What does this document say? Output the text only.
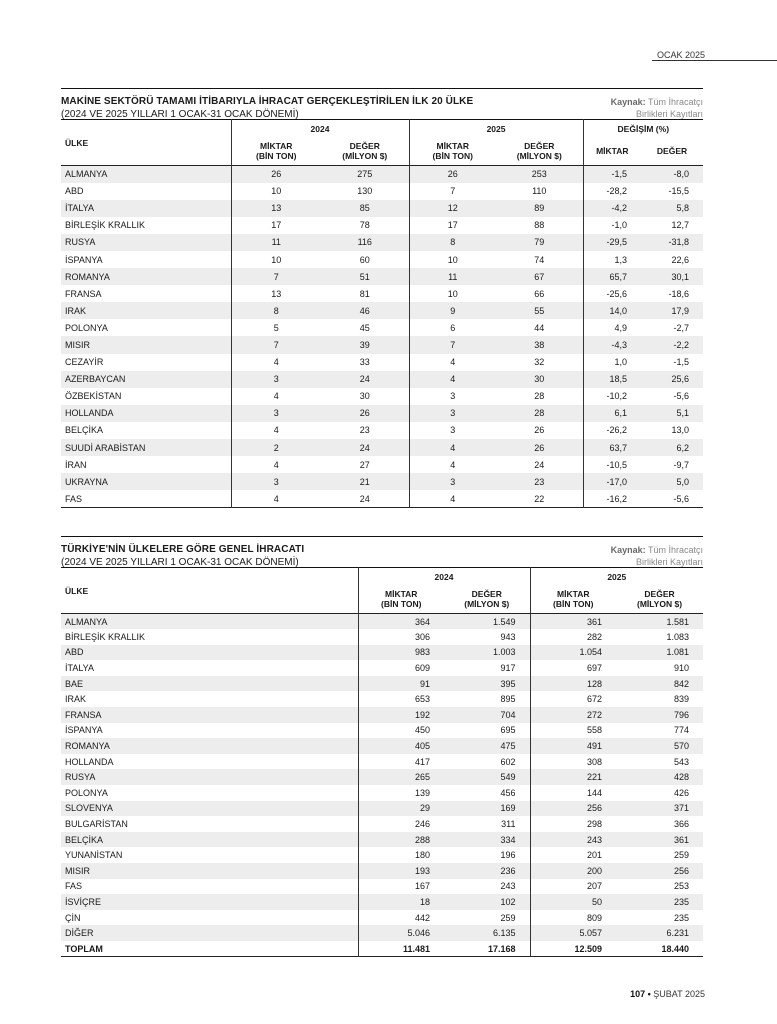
OCAK 2025
MAKİNE SEKTÖRÜ TAMAMI İTİBARIYLA İHRACAT GERÇEKLEŞTİRİLEN İLK 20 ÜLKE
(2024 VE 2025 YILLARI 1 OCAK-31 OCAK DÖNEMİ)
Kaynak: Tüm İhracatçı
Birlikleri Kayıtları
ÜLKE	2024		2025		DEĞİŞİM (%)	
	MİKTAR
(BİN TON)	DEĞER
(MİLYON $)	MİKTAR
(BİN TON)	DEĞER
(MİLYON $)	MİKTAR	DEĞER
ALMANYA	26	275	26	253	-1,5	-8,0
ABD	10	130	7	110	-28,2	-15,5
İTALYA	13	85	12	89	-4,2	5,8
BİRLEŞİK KRALLIK	17	78	17	88	-1,0	12,7
RUSYA	11	116	8	79	-29,5	-31,8
İSPANYA	10	60	10	74	1,3	22,6
ROMANYA	7	51	11	67	65,7	30,1
FRANSA	13	81	10	66	-25,6	-18,6
IRAK	8	46	9	55	14,0	17,9
POLONYA	5	45	6	44	4,9	-2,7
MISIR	7	39	7	38	-4,3	-2,2
CEZAYİR	4	33	4	32	1,0	-1,5
AZERBAYCAN	3	24	4	30	18,5	25,6
ÖZBEKİSTAN	4	30	3	28	-10,2	-5,6
HOLLANDA	3	26	3	28	6,1	5,1
BELÇİKA	4	23	3	26	-26,2	13,0
SUUDİ ARABİSTAN	2	24	4	26	63,7	6,2
İRAN	4	27	4	24	-10,5	-9,7
UKRAYNA	3	21	3	23	-17,0	5,0
FAS	4	24	4	22	-16,2	-5,6
TÜRKİYE'NİN ÜLKELERE GÖRE GENEL İHRACATI
(2024 VE 2025 YILLARI 1 OCAK-31 OCAK DÖNEMİ)
Kaynak: Tüm İhracatçı
Birlikleri Kayıtları
ÜLKE	2024		2025	
	MİKTAR
(BİN TON)	DEĞER
(MİLYON $)	MİKTAR
(BİN TON)	DEĞER
(MİLYON $)
ALMANYA	364	1.549	361	1.581
BİRLEŞİK KRALLIK	306	943	282	1.083
ABD	983	1.003	1.054	1.081
İTALYA	609	917	697	910
BAE	91	395	128	842
IRAK	653	895	672	839
FRANSA	192	704	272	796
İSPANYA	450	695	558	774
ROMANYA	405	475	491	570
HOLLANDA	417	602	308	543
RUSYA	265	549	221	428
POLONYA	139	456	144	426
SLOVENYA	29	169	256	371
BULGARİSTAN	246	311	298	366
BELÇİKA	288	334	243	361
YUNANİSTAN	180	196	201	259
MISIR	193	236	200	256
FAS	167	243	207	253
İSVİÇRE	18	102	50	235
ÇİN	442	259	809	235
DİĞER	5.046	6.135	5.057	6.231
TOPLAM	11.481	17.168	12.509	18.440
107 • ŞUBAT 2025
